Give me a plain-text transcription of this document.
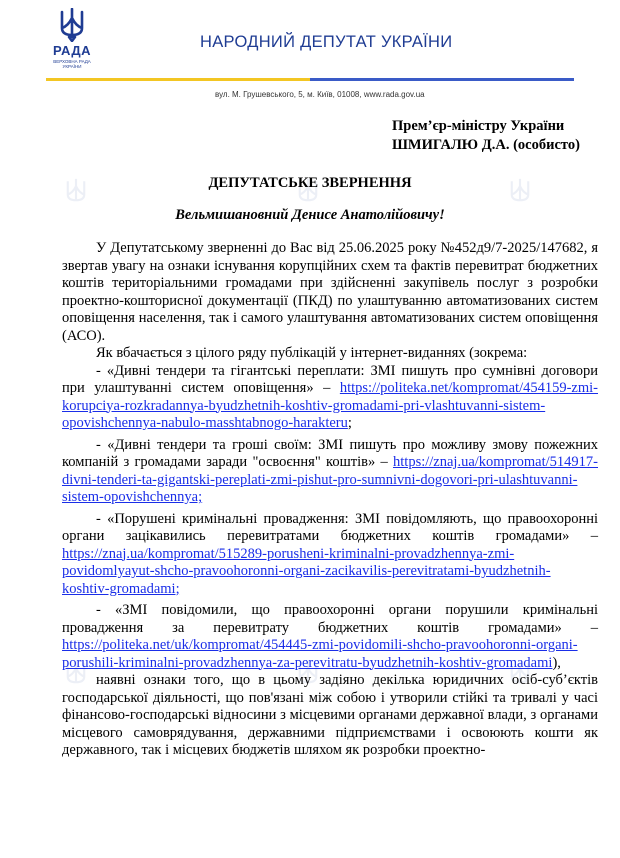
РАДА
ВЕРХОВНА РАДА
УКРАЇНИ
НАРОДНИЙ ДЕПУТАТ УКРАЇНИ
вул. М. Грушевського, 5, м. Київ, 01008, www.rada.gov.ua
Прем’єр-міністру України
ШМИГАЛЮ Д.А. (особисто)
ДЕПУТАТСЬКЕ ЗВЕРНЕННЯ
Вельмишановний Денисе Анатолійовичу!

У Депутатському зверненні до Вас від 25.06.2025 року №452д9/7-2025/147682, я звертав увагу на ознаки існування корупційних схем та фактів перевитрат бюджетних коштів територіальними громадами при здійсненні закупівель послуг з розробки проектно-кошторисної документації (ПКД) по улаштуванню автоматизованих систем оповіщення населення, так і самого улаштування автоматизованих систем оповіщення (АСО).

Як вбачається з цілого ряду публікацій у інтернет-виданнях (зокрема:

- «Дивні тендери та гігантські переплати: ЗМІ пишуть про сумнівні договори при улаштуванні систем оповіщення» – https://politeka.net/kompromat/454159-zmi-korupciya-rozkradannya-byudzhetnih-koshtiv-gromadami-pri-vlashtuvanni-sistem-opovishchennya-nabulo-masshtabnogo-harakteru;

- «Дивні тендери та гроші своїм: ЗМІ пишуть про можливу змову пожежних компаній з громадами заради "освоєння" коштів» – https://znaj.ua/kompromat/514917-divni-tenderi-ta-gigantski-pereplati-zmi-pishut-pro-sumnivni-dogovori-pri-ulashtuvanni-sistem-opovishchennya;

- «Порушені кримінальні провадження: ЗМІ повідомляють, що правоохоронні органи зацікавились перевитратами бюджетних коштів громадами» – https://znaj.ua/kompromat/515289-porusheni-kriminalni-provadzhennya-zmi-povidomlyayut-shcho-pravoohoronni-organi-zacikavilis-perevitratami-byudzhetnih-koshtiv-gromadami;

- «ЗМІ повідомили, що правоохоронні органи порушили кримінальні провадження за перевитрату бюджетних коштів громадами» – https://politeka.net/uk/kompromat/454445-zmi-povidomili-shcho-pravoohoronni-organi-porushili-kriminalni-provadzhennya-za-perevitratu-byudzhetnih-koshtiv-gromadami),

наявні ознаки того, що в цьому задіяно декілька юридичних осіб-суб’єктів господарської діяльності, що пов'язані між собою і утворили стійкі та тривалі у часі фінансово-господарські відносини з місцевими органами державної влади, з органами місцевого самоврядування, державними підприємствами і освоюють кошти як державного, так і місцевих бюджетів шляхом як розробки проектно-
